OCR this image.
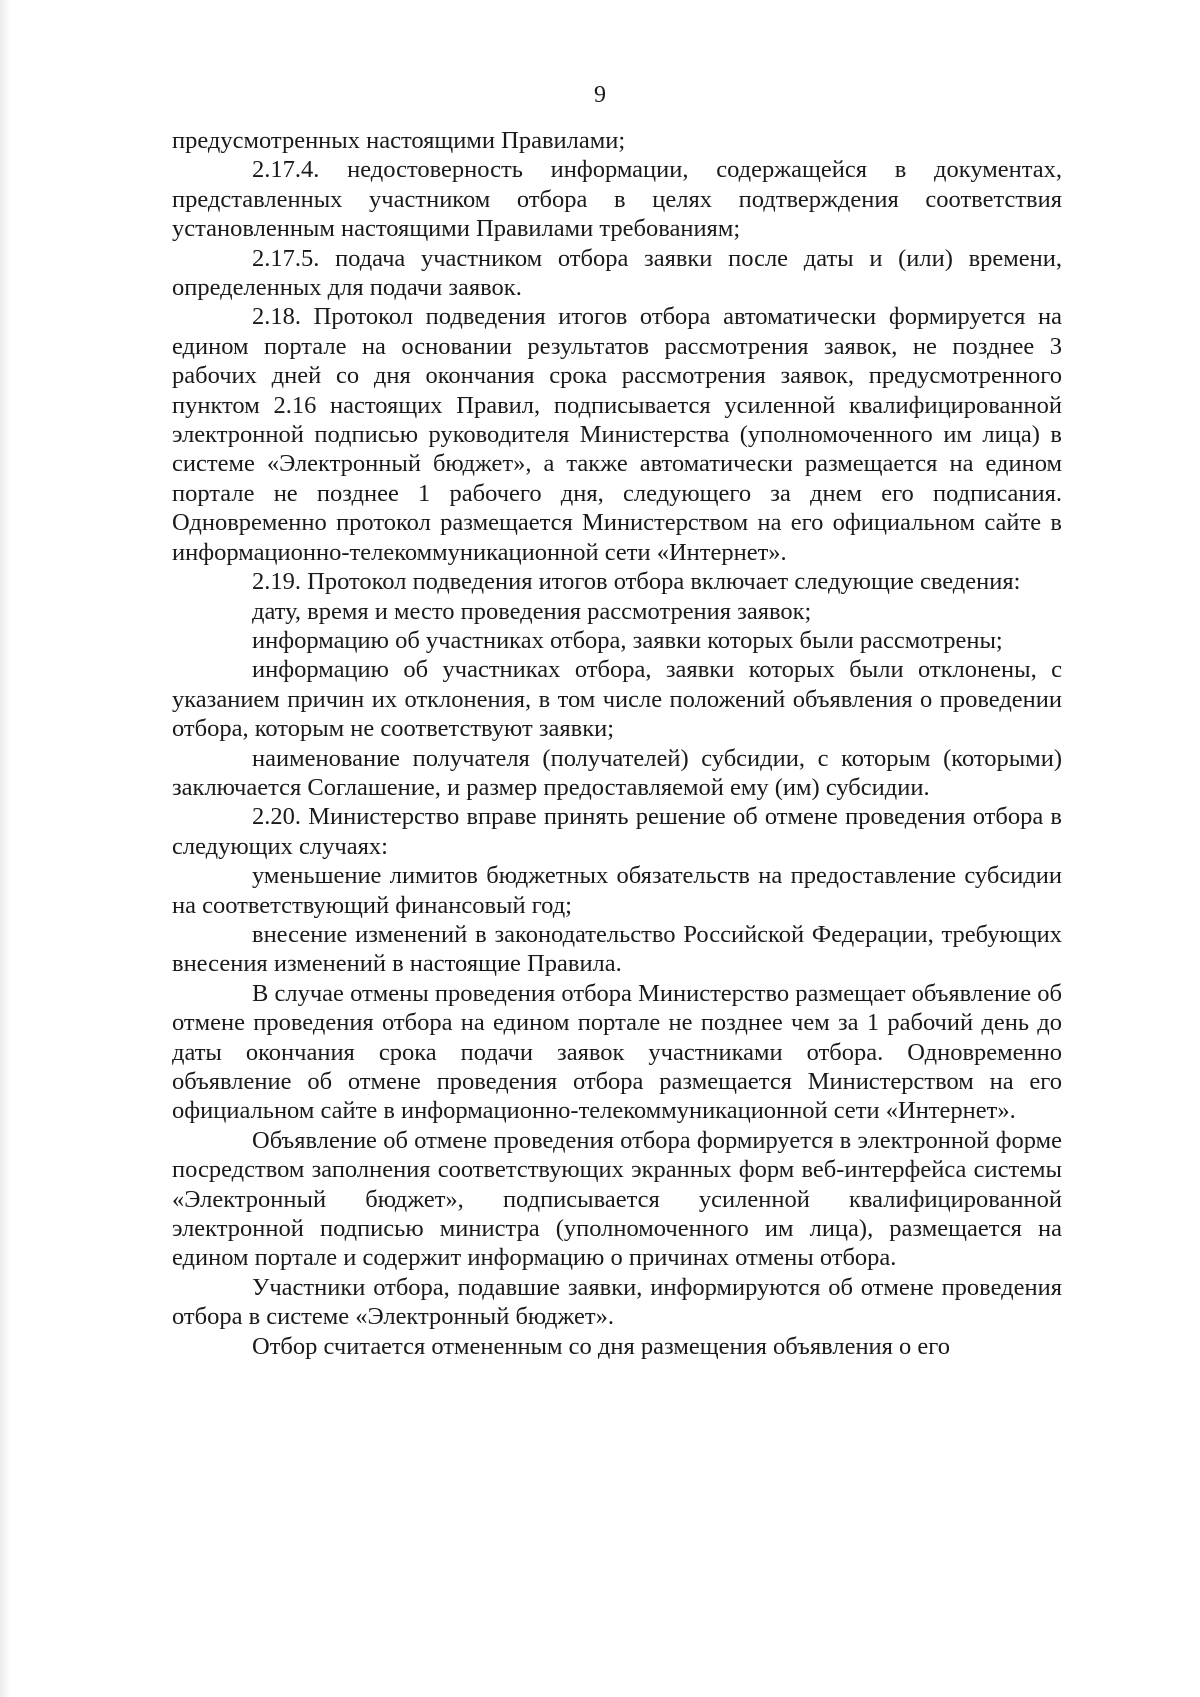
9

предусмотренных настоящими Правилами;

2.17.4. недостоверность информации, содержащейся в документах, представленных участником отбора в целях подтверждения соответствия установленным настоящими Правилами требованиям;

2.17.5. подача участником отбора заявки после даты и (или) времени, определенных для подачи заявок.

2.18. Протокол подведения итогов отбора автоматически формируется на едином портале на основании результатов рассмотрения заявок, не позднее 3 рабочих дней со дня окончания срока рассмотрения заявок, предусмотренного пунктом 2.16 настоящих Правил, подписывается усиленной квалифицированной электронной подписью руководителя Министерства (уполномоченного им лица) в системе «Электронный бюджет», а также автоматически размещается на едином портале не позднее 1 рабочего дня, следующего за днем его подписания. Одновременно протокол размещается Министерством на его официальном сайте в информационно-телекоммуникационной сети «Интернет».

2.19. Протокол подведения итогов отбора включает следующие сведения:

дату, время и место проведения рассмотрения заявок;

информацию об участниках отбора, заявки которых были рассмотрены;

информацию об участниках отбора, заявки которых были отклонены, с указанием причин их отклонения, в том числе положений объявления о проведении отбора, которым не соответствуют заявки;

наименование получателя (получателей) субсидии, с которым (которыми) заключается Соглашение, и размер предоставляемой ему (им) субсидии.

2.20. Министерство вправе принять решение об отмене проведения отбора в следующих случаях:

уменьшение лимитов бюджетных обязательств на предоставление субсидии на соответствующий финансовый год;

внесение изменений в законодательство Российской Федерации, требующих внесения изменений в настоящие Правила.

В случае отмены проведения отбора Министерство размещает объявление об отмене проведения отбора на едином портале не позднее чем за 1 рабочий день до даты окончания срока подачи заявок участниками отбора. Одновременно объявление об отмене проведения отбора размещается Министерством на его официальном сайте в информационно-телекоммуникационной сети «Интернет».

Объявление об отмене проведения отбора формируется в электронной форме посредством заполнения соответствующих экранных форм веб-интерфейса системы «Электронный бюджет», подписывается усиленной квалифицированной электронной подписью министра (уполномоченного им лица), размещается на едином портале и содержит информацию о причинах отмены отбора.

Участники отбора, подавшие заявки, информируются об отмене проведения отбора в системе «Электронный бюджет».

Отбор считается отмененным со дня размещения объявления о его
